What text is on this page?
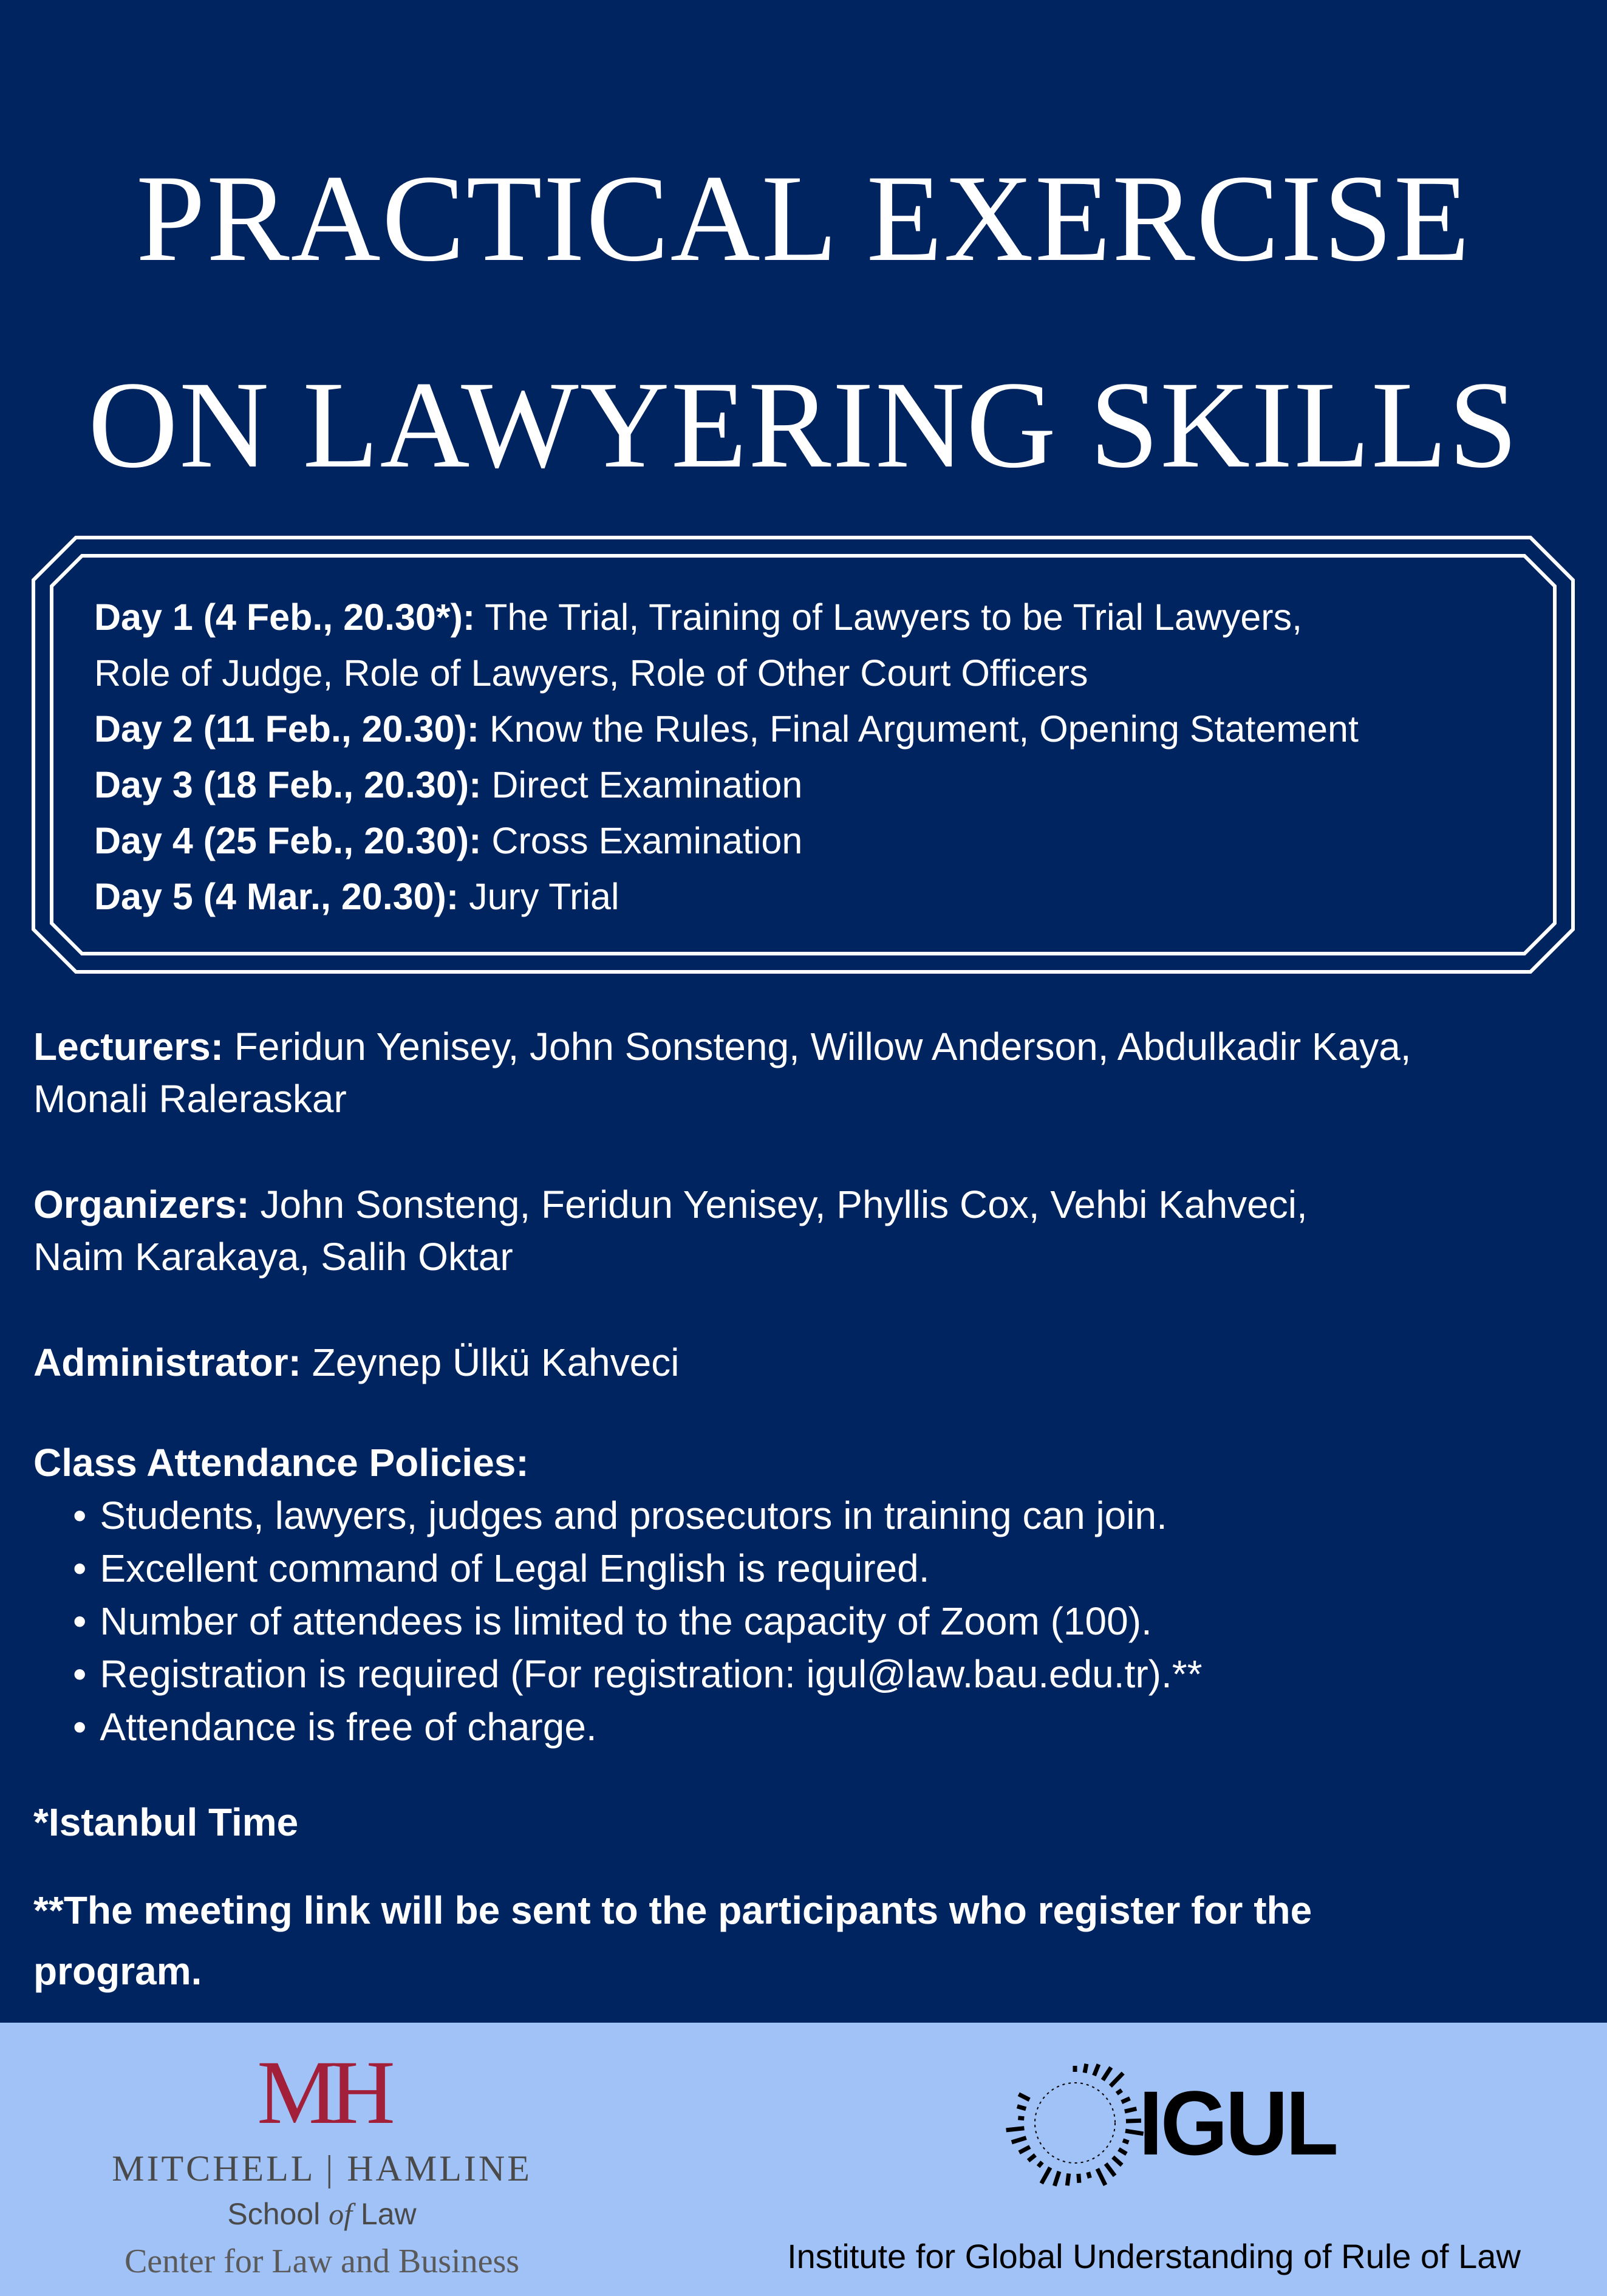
PRACTICAL EXERCISE
ON LAWYERING SKILLS
Day 1 (4 Feb., 20.30*): The Trial, Training of Lawyers to be Trial Lawyers,
Role of Judge, Role of Lawyers, Role of Other Court Officers
Day 2 (11 Feb., 20.30): Know the Rules, Final Argument, Opening Statement
Day 3 (18 Feb., 20.30): Direct Examination
Day 4 (25 Feb., 20.30): Cross Examination
Day 5 (4 Mar., 20.30): Jury Trial
Lecturers: Feridun Yenisey, John Sonsteng, Willow Anderson, Abdulkadir Kaya,
Monali Raleraskar
Organizers: John Sonsteng, Feridun Yenisey, Phyllis Cox, Vehbi Kahveci,
Naim Karakaya, Salih Oktar
Administrator: Zeynep Ülkü Kahveci
Class Attendance Policies:
• Students, lawyers, judges and prosecutors in training can join.
• Excellent command of Legal English is required.
• Number of attendees is limited to the capacity of Zoom (100).
• Registration is required (For registration: igul@law.bau.edu.tr).**
• Attendance is free of charge.
*Istanbul Time
**The meeting link will be sent to the participants who register for the
program.
MH
MITCHELL | HAMLINE
School of Law
Center for Law and Business
IGUL
Institute for Global Understanding of Rule of Law
